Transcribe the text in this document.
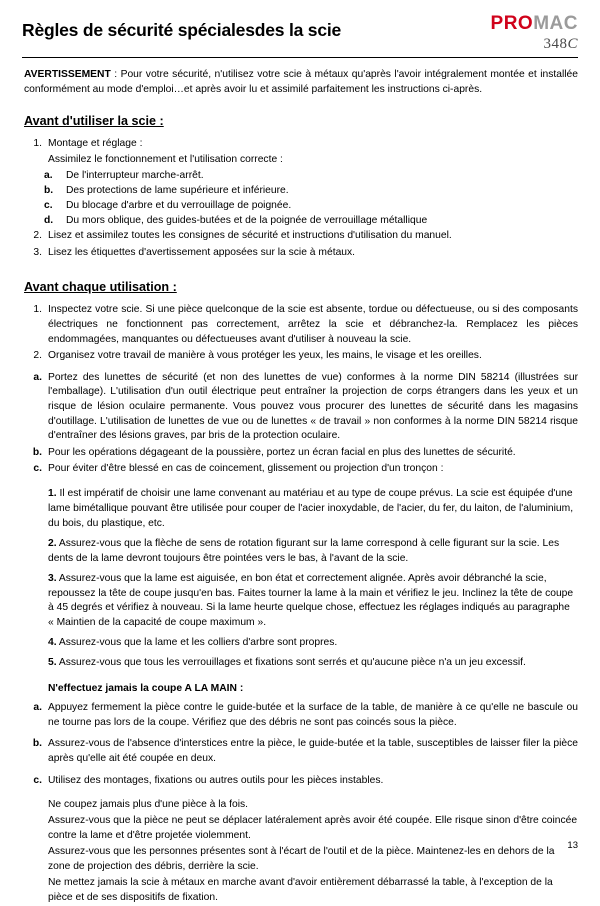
Règles de sécurité spécialesdes la scie	PROMAC
348C

AVERTISSEMENT : Pour votre sécurité, n'utilisez votre scie à métaux qu'après l'avoir intégralement montée et installée conformément au mode d'emploi…et après avoir lu et assimilé parfaitement les instructions ci-après.

Avant d'utiliser la scie :
1. Montage et réglage :
Assimilez le fonctionnement et l'utilisation correcte :
a.	De l'interrupteur marche-arrêt.
b.	Des protections de lame supérieure et inférieure.
c.	Du blocage d'arbre et du verrouillage de poignée.
d.	Du mors oblique, des guides-butées et de la poignée de verrouillage métallique
2. Lisez et assimilez toutes les consignes de sécurité et instructions d'utilisation du manuel.
3. Lisez les étiquettes d'avertissement apposées sur la scie à métaux.
Avant chaque utilisation :
1. Inspectez votre scie. Si une pièce quelconque de la scie est absente, tordue ou défectueuse, ou si des composants électriques ne fonctionnent pas correctement, arrêtez la scie et débranchez-la. Remplacez les pièces endommagées, manquantes ou défectueuses avant d'utiliser à nouveau la scie.
2. Organisez votre travail de manière à vous protéger les yeux, les mains, le visage et les oreilles.
a. Portez des lunettes de sécurité (et non des lunettes de vue) conformes à la norme DIN 58214 (illustrées sur l'emballage). L'utilisation d'un outil électrique peut entraîner la projection de corps étrangers dans les yeux et un risque de lésion oculaire permanente. Vous pouvez vous procurer des lunettes de sécurité dans les magasins d'outillage. L'utilisation de lunettes de vue ou de lunettes « de travail » non conformes à la norme DIN 58214 risque d'entraîner des lésions graves, par bris de la protection oculaire.
b. Pour les opérations dégageant de la poussière, portez un écran facial en plus des lunettes de sécurité.
c. Pour éviter d'être blessé en cas de coincement, glissement ou projection d'un tronçon :
1. Il est impératif de choisir une lame convenant au matériau et au type de coupe prévus. La scie est équipée d'une lame bimétallique pouvant être utilisée pour couper de l'acier inoxydable, de l'acier, du fer, du laiton, de l'aluminium, du bois, du plastique, etc.
2. Assurez-vous que la flèche de sens de rotation figurant sur la lame correspond à celle figurant sur la scie. Les dents de la lame devront toujours être pointées vers le bas, à l'avant de la scie.
3. Assurez-vous que la lame est aiguisée, en bon état et correctement alignée. Après avoir débranché la scie, repoussez la tête de coupe jusqu'en bas. Faites tourner la lame à la main et vérifiez le jeu. Inclinez la tête de coupe à 45 degrés et vérifiez à nouveau. Si la lame heurte quelque chose, effectuez les réglages indiqués au paragraphe « Maintien de la capacité de coupe maximum ».
4. Assurez-vous que la lame et les colliers d'arbre sont propres.
5. Assurez-vous que tous les verrouillages et fixations sont serrés et qu'aucune pièce n'a un jeu excessif.
N'effectuez jamais la coupe A LA MAIN :
a. Appuyez fermement la pièce contre le guide-butée et la surface de la table, de manière à ce qu'elle ne bascule ou ne tourne pas lors de la coupe. Vérifiez que des débris ne sont pas coincés sous la pièce.
b. Assurez-vous de l'absence d'interstices entre la pièce, le guide-butée et la table, susceptibles de laisser filer la pièce après qu'elle ait été coupée en deux.
c. Utilisez des montages, fixations ou autres outils pour les pièces instables.
Ne coupez jamais plus d'une pièce à la fois.
Assurez-vous que la pièce ne peut se déplacer latéralement après avoir été coupée. Elle risque sinon d'être coincée contre la lame et d'être projetée violemment.
Assurez-vous que les personnes présentes sont à l'écart de l'outil et de la pièce. Maintenez-les en dehors de la zone de projection des débris, derrière la scie.
Ne mettez jamais la scie à métaux en marche avant d'avoir entièrement débarrassé la table, à l'exception de la pièce et de ses dispositifs de fixation.
13
